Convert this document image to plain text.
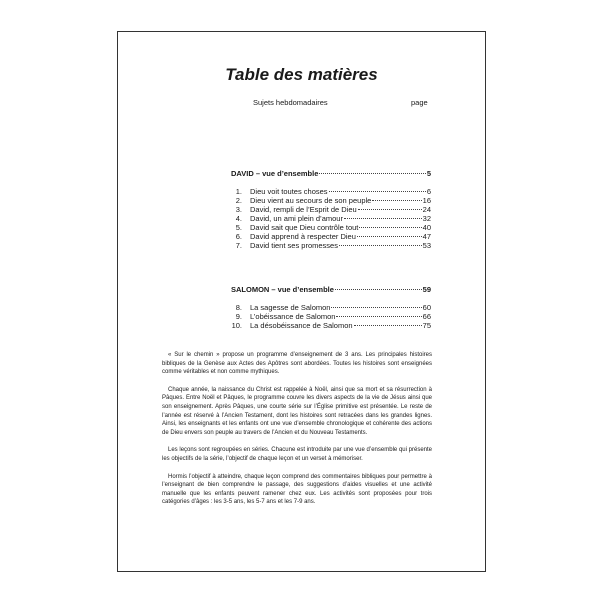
Table des matières
Sujets hebdomadaires	page
DAVID – vue d’ensemble	5
1. Dieu voit toutes choses	6
2. Dieu vient au secours de son peuple	16
3. David, rempli de l’Esprit de Dieu	24
4. David, un ami plein d’amour	32
5. David sait que Dieu contrôle tout	40
6. David apprend à respecter Dieu	47
7. David tient ses promesses	53
SALOMON – vue d’ensemble	59
8. La sagesse de Salomon	60
9. L’obéissance de Salomon	66
10. La désobéissance de Salomon	75

« Sur le chemin » propose un programme d’enseignement de 3 ans. Les principales histoires bibliques de la Genèse aux Actes des Apôtres sont abordées. Toutes les histoires sont enseignées comme véritables et non comme mythiques.

Chaque année, la naissance du Christ est rappelée à Noël, ainsi que sa mort et sa résurrection à Pâques. Entre Noël et Pâques, le programme couvre les divers aspects de la vie de Jésus ainsi que son enseignement. Après Pâques, une courte série sur l’Église primitive est présentée. Le reste de l’année est réservé à l’Ancien Testament, dont les histoires sont retracées dans les grandes lignes. Ainsi, les enseignants et les enfants ont une vue d’ensemble chronologique et cohérente des actions de Dieu envers son peuple au travers de l’Ancien et du Nouveau Testaments.

Les leçons sont regroupées en séries. Chacune est introduite par une vue d’ensemble qui présente les objectifs de la série, l’objectif de chaque leçon et un verset à mémoriser.

Hormis l’objectif à atteindre, chaque leçon comprend des commentaires bibliques pour permettre à l’enseignant de bien comprendre le passage, des suggestions d’aides visuelles et une activité manuelle que les enfants peuvent ramener chez eux. Les activités sont proposées pour trois catégories d’âges : les 3-5 ans, les 5-7 ans et les 7-9 ans.
